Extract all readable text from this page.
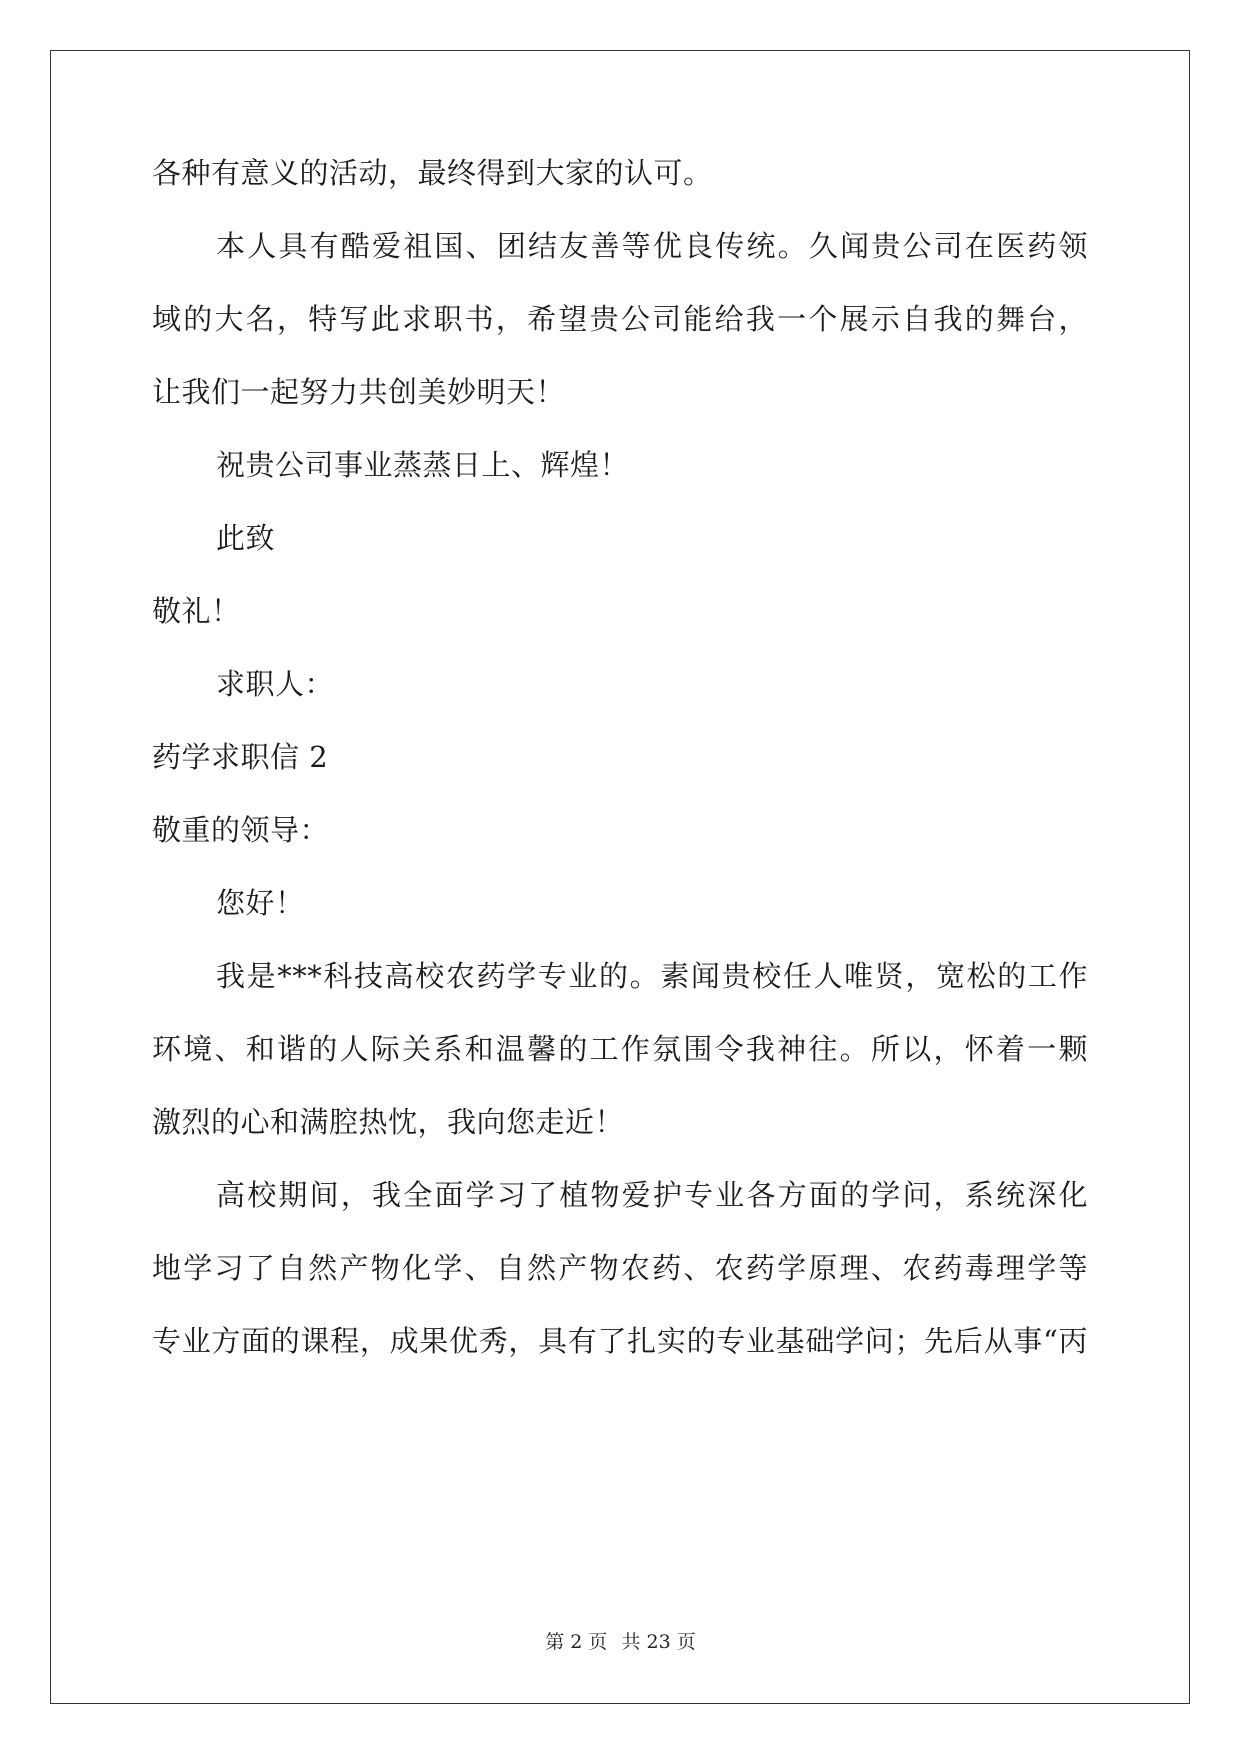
各种有意义的活动，最终得到大家的认可。
本人具有酷爱祖国、团结友善等优良传统。久闻贵公司在医药领
域的大名，特写此求职书，希望贵公司能给我一个展示自我的舞台，
让我们一起努力共创美妙明天！
祝贵公司事业蒸蒸日上、辉煌！
此致
敬礼！
求职人：
药学求职信 2
敬重的领导：
您好！
我是***科技高校农药学专业的。素闻贵校任人唯贤，宽松的工作
环境、和谐的人际关系和温馨的工作氛围令我神往。所以，怀着一颗
激烈的心和满腔热忱，我向您走近！
高校期间，我全面学习了植物爱护专业各方面的学问，系统深化
地学习了自然产物化学、自然产物农药、农药学原理、农药毒理学等
专业方面的课程，成果优秀，具有了扎实的专业基础学问；先后从事“丙
第 2 页 共 23 页
